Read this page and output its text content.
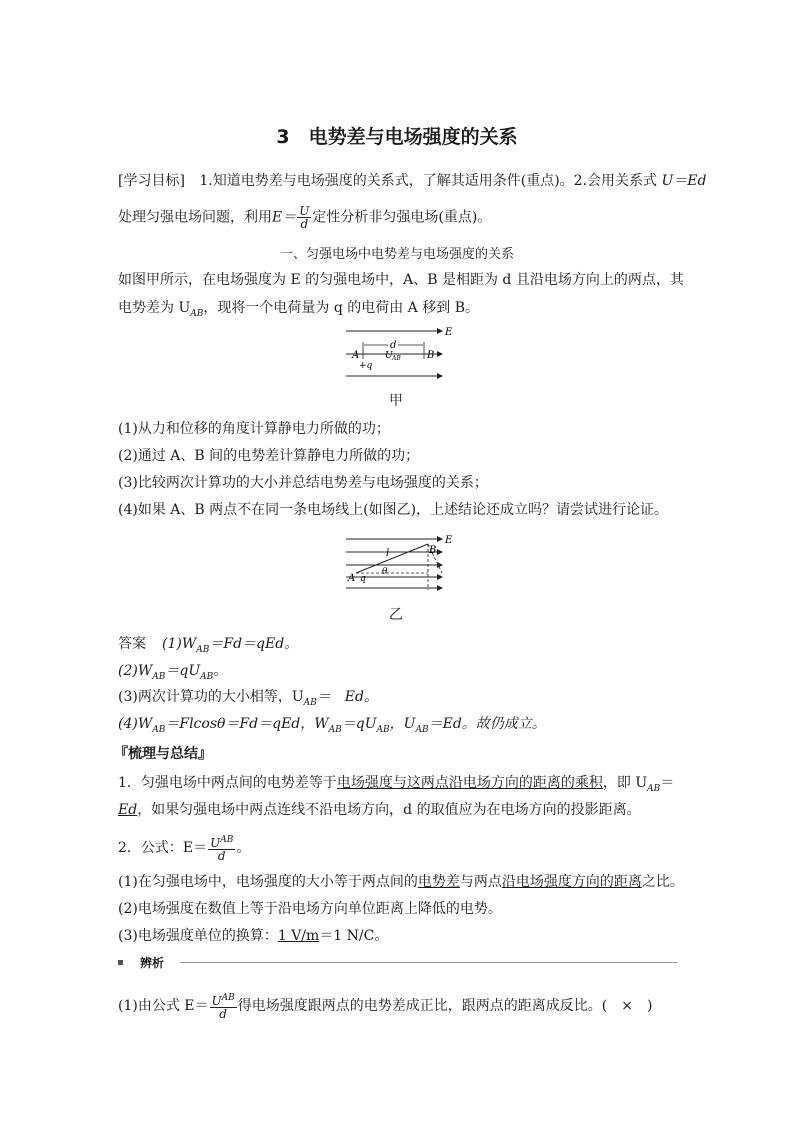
3　电势差与电场强度的关系
[学习目标] 1.知道电势差与电场强度的关系式，了解其适用条件(重点)。2.会用关系式 U＝Ed
处理匀强电场问题，利用$E= \frac{U}{d}$ 定性分析非匀强电场(重点)。
一、匀强电场中电势差与电场强度的关系
如图甲所示，在电场强度为 E 的匀强电场中，A、B 是相距为 d 且沿电场方向上的两点，其
电势差为 $U_{AB}$，现将一个电荷量为 q 的电荷由 A 移到 B。
E
d
A	B
U AB
+q
甲
(1)从力和位移的角度计算静电力所做的功；
(2)通过 A、B 间的电势差计算静电力所做的功；
(3)比较两次计算功的大小并总结电势差与电场强度的关系；
(4)如果 A、B 两点不在同一条电场线上(如图乙)，上述结论还成立吗？请尝试进行论证。
E
B
A
l
θ
q
乙
答案 $(1)W_{AB}=Fd=qEd$。
$(2)W_{AB}=qU_{AB}$。
(3)两次计算功的大小相等，$U_{AB}=$　Ed。
$(4)W_{AB}=Flcos\theta=Fd=qEd$，$W_{AB}=qU_{AB}$，$U_{AB}=Ed$。故仍成立。
『梳理与总结』
1．匀强电场中两点间的电势差等于电场强度与这两点沿电场方向的距离的乘积，即 $U_{AB}=$
Ed，如果匀强电场中两点连线不沿电场方向，d 的取值应为在电场方向的投影距离。
2．公式：$E= \frac{U^{AB}}{d}$ 。
(1)在匀强电场中，电场强度的大小等于两点间的电势差与两点沿电场强度方向的距离之比。
(2)电场强度在数值上等于沿电场方向单位距离上降低的电势。
(3)电场强度单位的换算：1 V/m＝1 N/C。
辨析
(1)由公式 $E= \frac{U^{AB}}{d}$ 得电场强度跟两点的电势差成正比，跟两点的距离成反比。(　×　)
